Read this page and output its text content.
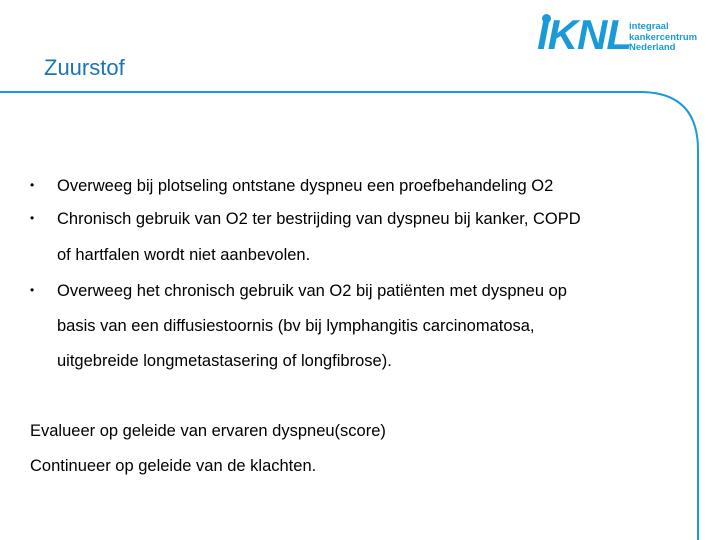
IKNL
integraal
kankercentrum
Nederland
Zuurstof
• Overweeg bij plotseling ontstane dyspneu een proefbehandeling O2
• Chronisch gebruik van O2 ter bestrijding van dyspneu bij kanker, COPD
of hartfalen wordt niet aanbevolen.
• Overweeg het chronisch gebruik van O2 bij patiënten met dyspneu op
basis van een diffusiestoornis (bv bij lymphangitis carcinomatosa,
uitgebreide longmetastasering of longfibrose).
Evalueer op geleide van ervaren dyspneu(score)
Continueer op geleide van de klachten.
